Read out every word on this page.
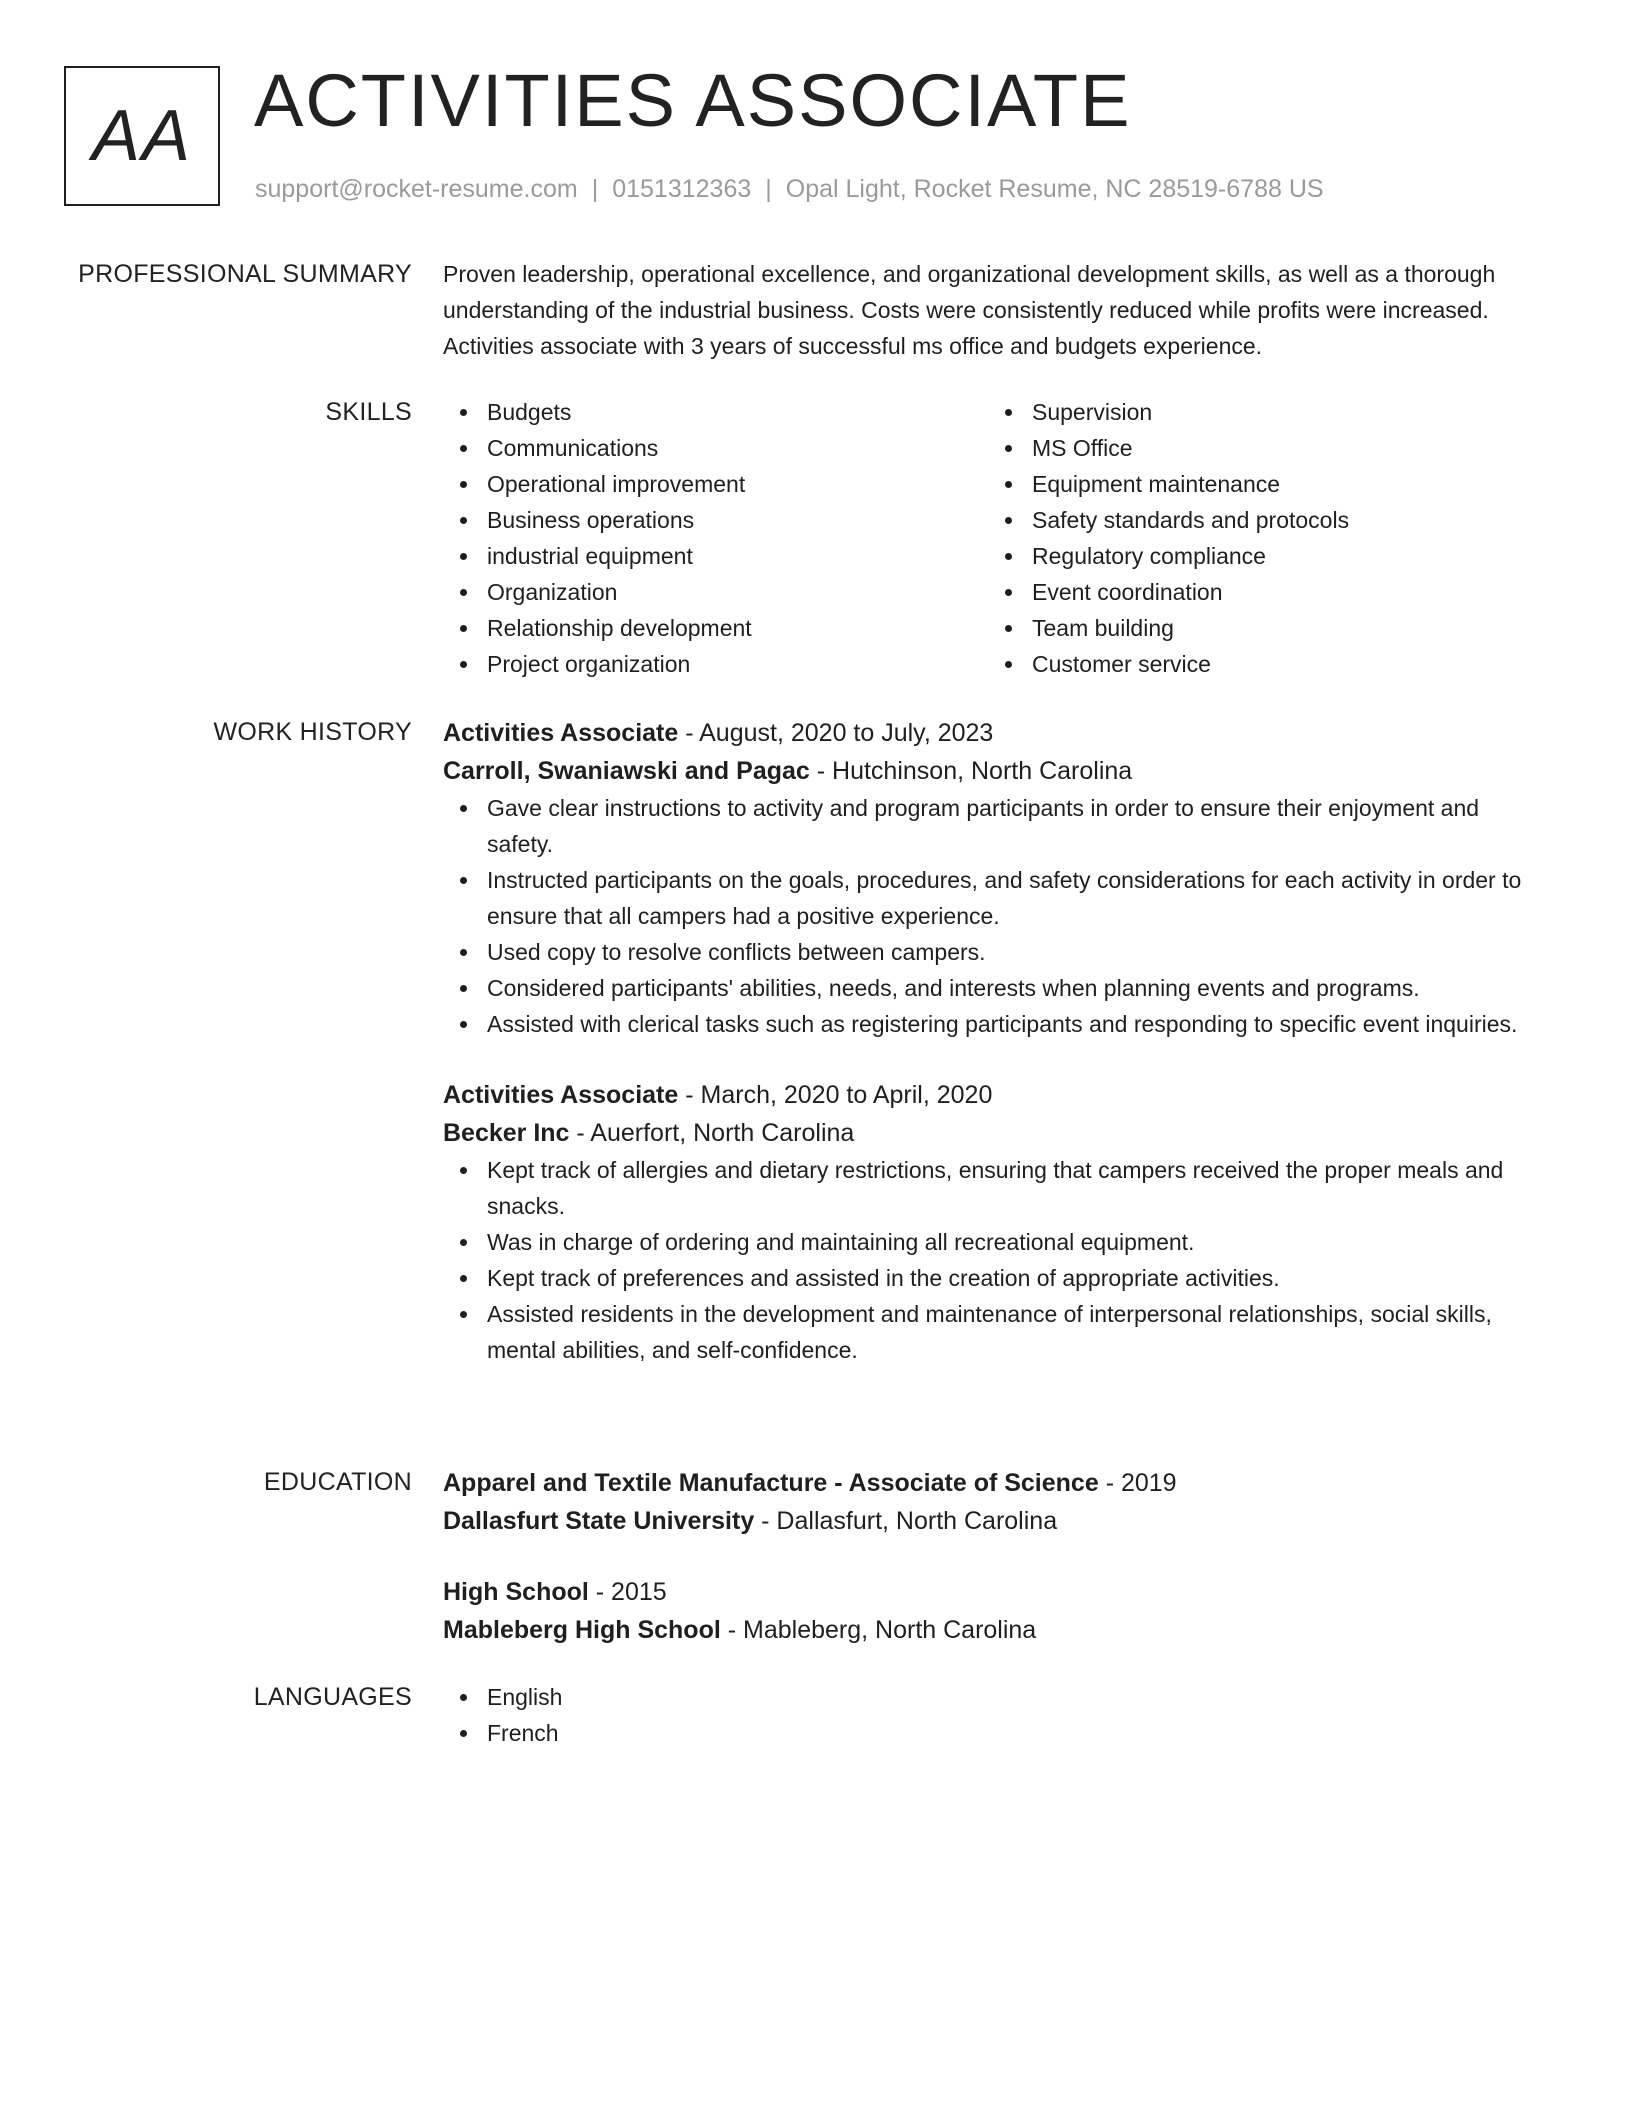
AA ACTIVITIES ASSOCIATE
support@rocket-resume.com | 0151312363 | Opal Light, Rocket Resume, NC 28519-6788 US
PROFESSIONAL SUMMARY Proven leadership, operational excellence, and organizational development skills, as well as a thorough understanding of the industrial business. Costs were consistently reduced while profits were increased. Activities associate with 3 years of successful ms office and budgets experience.

SKILLS	Budgets
Communications
Operational improvement
Business operations
industrial equipment
Organization
Relationship development
Project organization
Supervision
MS Office
Equipment maintenance
Safety standards and protocols
Regulatory compliance
Event coordination
Team building
Customer service
WORK HISTORY Activities Associate - August, 2020 to July, 2023
Carroll, Swaniawski and Pagac - Hutchinson, North Carolina
Gave clear instructions to activity and program participants in order to ensure their enjoyment and safety.
Instructed participants on the goals, procedures, and safety considerations for each activity in order to ensure that all campers had a positive experience.
Used copy to resolve conflicts between campers.
Considered participants' abilities, needs, and interests when planning events and programs.
Assisted with clerical tasks such as registering participants and responding to specific event inquiries.
Activities Associate - March, 2020 to April, 2020
Becker Inc - Auerfort, North Carolina
Kept track of allergies and dietary restrictions, ensuring that campers received the proper meals and snacks.
Was in charge of ordering and maintaining all recreational equipment.
Kept track of preferences and assisted in the creation of appropriate activities.
Assisted residents in the development and maintenance of interpersonal relationships, social skills, mental abilities, and self-confidence.
EDUCATION Apparel and Textile Manufacture - Associate of Science - 2019
Dallasfurt State University - Dallasfurt, North Carolina
High School - 2015
Mableberg High School - Mableberg, North Carolina
LANGUAGES	English
French
